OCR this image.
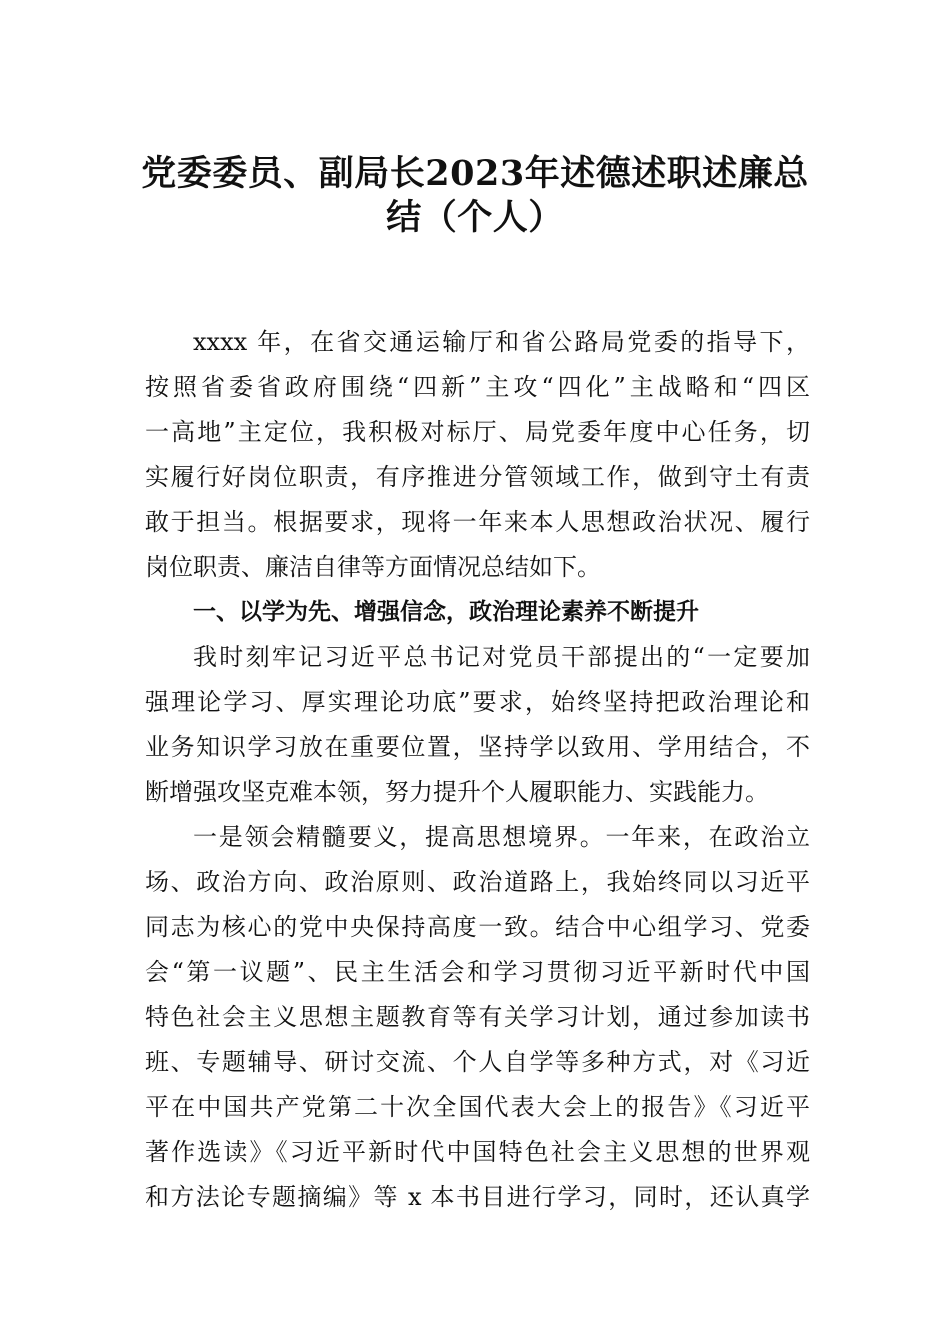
党委委员、副局长2023年述德述职述廉总
结（个人）
xxxx 年，在省交通运输厅和省公路局党委的指导下，
按照省委省政府围绕“四新”主攻“四化”主战略和“四区
一高地”主定位，我积极对标厅、局党委年度中心任务，切
实履行好岗位职责，有序推进分管领域工作，做到守土有责
敢于担当。根据要求，现将一年来本人思想政治状况、履行
岗位职责、廉洁自律等方面情况总结如下。
一、以学为先、增强信念，政治理论素养不断提升
我时刻牢记习近平总书记对党员干部提出的“一定要加
强理论学习、厚实理论功底”要求，始终坚持把政治理论和
业务知识学习放在重要位置，坚持学以致用、学用结合，不
断增强攻坚克难本领，努力提升个人履职能力、实践能力。
一是领会精髓要义，提高思想境界。一年来，在政治立
场、政治方向、政治原则、政治道路上，我始终同以习近平
同志为核心的党中央保持高度一致。结合中心组学习、党委
会“第一议题”、民主生活会和学习贯彻习近平新时代中国
特色社会主义思想主题教育等有关学习计划，通过参加读书
班、专题辅导、研讨交流、个人自学等多种方式，对《习近
平在中国共产党第二十次全国代表大会上的报告》《习近平
著作选读》《习近平新时代中国特色社会主义思想的世界观
和方法论专题摘编》等 x 本书目进行学习，同时，还认真学
